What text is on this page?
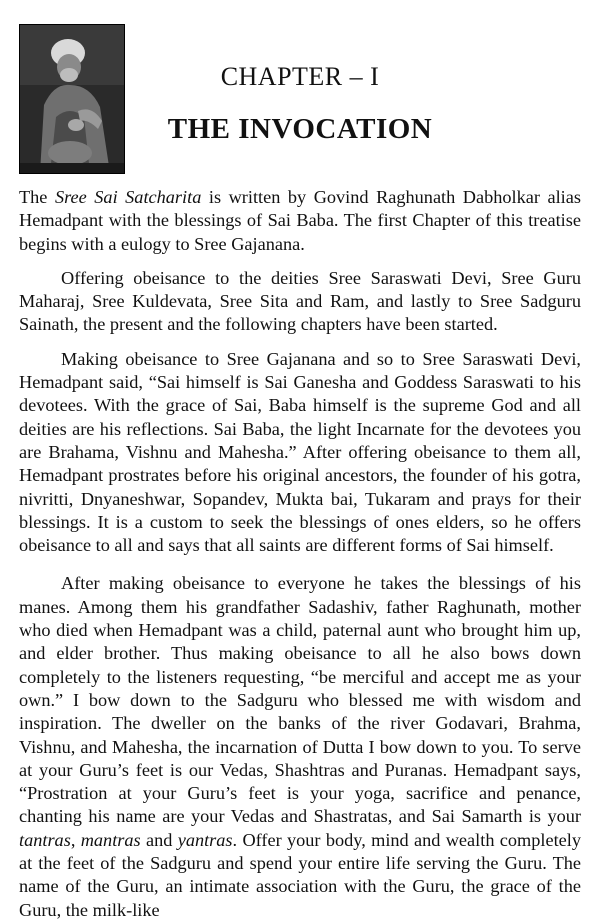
CHAPTER – I
THE INVOCATION

The Sree Sai Satcharita is written by Govind Raghunath Dabholkar alias Hemadpant with the blessings of Sai Baba. The first Chapter of this treatise begins with a eulogy to Sree Gajanana.

Offering obeisance to the deities Sree Saraswati Devi, Sree Guru Maharaj, Sree Kuldevata, Sree Sita and Ram, and lastly to Sree Sadguru Sainath, the present and the following chapters have been started.

Making obeisance to Sree Gajanana and so to Sree Saraswati Devi, Hemadpant said, “Sai himself is Sai Ganesha and Goddess Saraswati to his devotees. With the grace of Sai, Baba himself is the supreme God and all deities are his reflections. Sai Baba, the light Incarnate for the devotees you are Brahama, Vishnu and Mahesha.” After offering obeisance to them all, Hemadpant prostrates before his original ancestors, the founder of his gotra, nivritti, Dnyaneshwar, Sopandev, Mukta bai, Tukaram and prays for their blessings. It is a custom to seek the blessings of ones elders, so he offers obeisance to all and says that all saints are different forms of Sai himself.

After making obeisance to everyone he takes the blessings of his manes. Among them his grandfather Sadashiv, father Raghunath, mother who died when Hemadpant was a child, paternal aunt who brought him up, and elder brother. Thus making obeisance to all he also bows down completely to the listeners requesting, “be merciful and accept me as your own.” I bow down to the Sadguru who blessed me with wisdom and inspiration. The dweller on the banks of the river Godavari, Brahma, Vishnu, and Mahesha, the incarnation of Dutta I bow down to you. To serve at your Guru’s feet is our Vedas, Shashtras and Puranas. Hemadpant says, “Prostration at your Guru’s feet is your yoga, sacrifice and penance, chanting his name are your Vedas and Shastratas, and Sai Samarth is your tantras, mantras and yantras. Offer your body, mind and wealth completely at the feet of the Sadguru and spend your entire life serving the Guru. The name of the Guru, an intimate association with the Guru, the grace of the Guru, the milk-like
